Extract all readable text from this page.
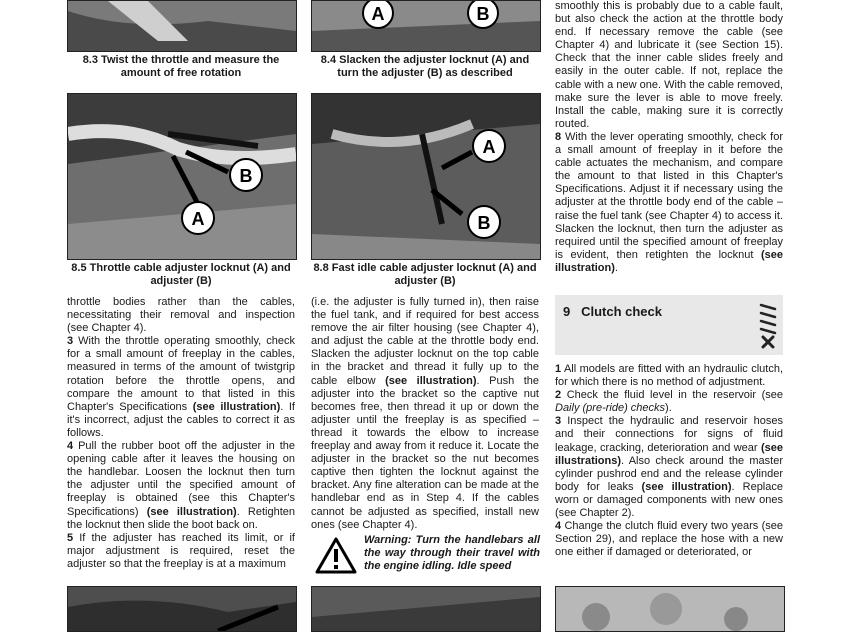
A	B
8.3 Twist the throttle and measure the amount of free rotation
8.4 Slacken the adjuster locknut (A) and turn the adjuster (B) as described
B
A
A
B
8.5 Throttle cable adjuster locknut (A) and adjuster (B)
8.8 Fast idle cable adjuster locknut (A) and adjuster (B)

throttle bodies rather than the cables, necessitating their removal and inspection (see Chapter 4).

3 With the throttle operating smoothly, check for a small amount of freeplay in the cables, measured in terms of the amount of twistgrip rotation before the throttle opens, and compare the amount to that listed in this Chapter's Specifications (see illustration). If it's incorrect, adjust the cables to correct it as follows.

4 Pull the rubber boot off the adjuster in the opening cable after it leaves the housing on the handlebar. Loosen the locknut then turn the adjuster until the specified amount of freeplay is obtained (see this Chapter's Specifications) (see illustration). Retighten the locknut then slide the boot back on.

5 If the adjuster has reached its limit, or if major adjustment is required, reset the adjuster so that the freeplay is at a maximum

(i.e. the adjuster is fully turned in), then raise the fuel tank, and if required for best access remove the air filter housing (see Chapter 4), and adjust the cable at the throttle body end. Slacken the adjuster locknut on the top cable in the bracket and thread it fully up to the cable elbow (see illustration). Push the adjuster into the bracket so the captive nut becomes free, then thread it up or down the adjuster until the freeplay is as specified – thread it towards the elbow to increase freeplay and away from it reduce it. Locate the adjuster in the bracket so the nut becomes captive then tighten the locknut against the bracket. Any fine alteration can be made at the handlebar end as in Step 4. If the cables cannot be adjusted as specified, install new ones (see Chapter 4).

Warning: Turn the handlebars all the way through their travel with the engine idling. Idle speed

smoothly this is probably due to a cable fault, but also check the action at the throttle body end. If necessary remove the cable (see Chapter 4) and lubricate it (see Section 15). Check that the inner cable slides freely and easily in the outer cable. If not, replace the cable with a new one. With the cable removed, make sure the lever is able to move freely. Install the cable, making sure it is correctly routed.

8 With the lever operating smoothly, check for a small amount of freeplay in it before the cable actuates the mechanism, and compare the amount to that listed in this Chapter's Specifications. Adjust it if necessary using the adjuster at the throttle body end of the cable – raise the fuel tank (see Chapter 4) to access it. Slacken the locknut, then turn the adjuster as required until the specified amount of freeplay is evident, then retighten the locknut (see illustration).

9 Clutch check

1 All models are fitted with an hydraulic clutch, for which there is no method of adjustment.

2 Check the fluid level in the reservoir (see Daily (pre-ride) checks).

3 Inspect the hydraulic and reservoir hoses and their connections for signs of fluid leakage, cracking, deterioration and wear (see illustrations). Also check around the master cylinder pushrod end and the release cylinder body for leaks (see illustration). Replace worn or damaged components with new ones (see Chapter 2).

4 Change the clutch fluid every two years (see Section 29), and replace the hose with a new one either if damaged or deteriorated, or
